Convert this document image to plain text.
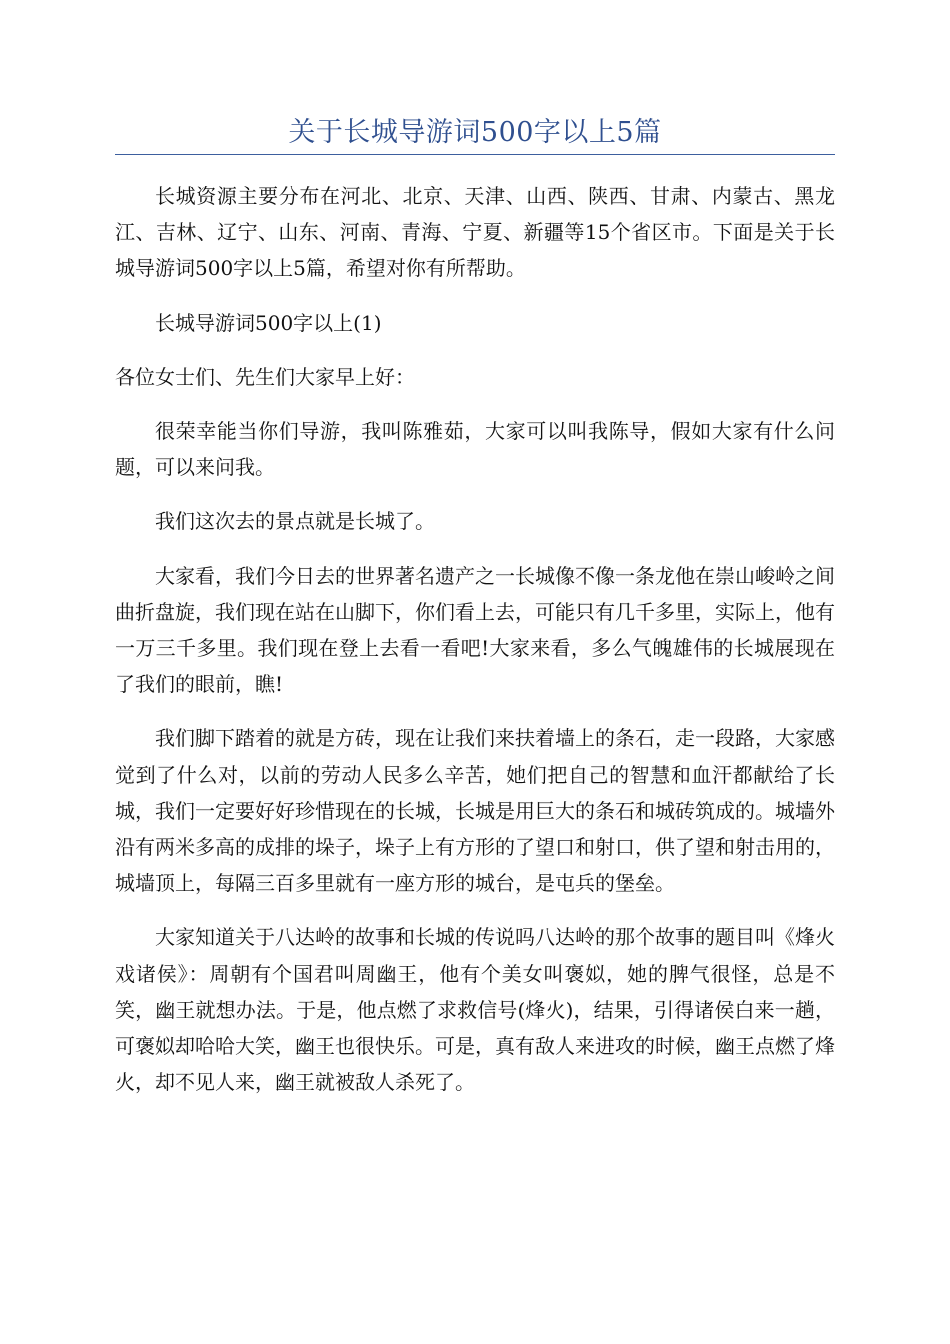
关于长城导游词500字以上5篇

长城资源主要分布在河北、北京、天津、山西、陕西、甘肃、内蒙古、黑龙江、吉林、辽宁、山东、河南、青海、宁夏、新疆等15个省区市。下面是关于长城导游词500字以上5篇，希望对你有所帮助。

长城导游词500字以上(1)

各位女士们、先生们大家早上好：

很荣幸能当你们导游，我叫陈雅茹，大家可以叫我陈导，假如大家有什么问题，可以来问我。

我们这次去的景点就是长城了。

大家看，我们今日去的世界著名遗产之一长城像不像一条龙他在崇山峻岭之间曲折盘旋，我们现在站在山脚下，你们看上去，可能只有几千多里，实际上，他有一万三千多里。我们现在登上去看一看吧!大家来看，多么气魄雄伟的长城展现在了我们的眼前，瞧!

我们脚下踏着的就是方砖，现在让我们来扶着墙上的条石，走一段路，大家感觉到了什么对，以前的劳动人民多么辛苦，她们把自己的智慧和血汗都献给了长城，我们一定要好好珍惜现在的长城，长城是用巨大的条石和城砖筑成的。城墙外沿有两米多高的成排的垛子，垛子上有方形的了望口和射口，供了望和射击用的，城墙顶上，每隔三百多里就有一座方形的城台，是屯兵的堡垒。

大家知道关于八达岭的故事和长城的传说吗八达岭的那个故事的题目叫《烽火戏诸侯》：周朝有个国君叫周幽王，他有个美女叫褒姒，她的脾气很怪，总是不笑，幽王就想办法。于是，他点燃了求救信号(烽火)，结果，引得诸侯白来一趟，可褒姒却哈哈大笑，幽王也很快乐。可是，真有敌人来进攻的时候，幽王点燃了烽火，却不见人来，幽王就被敌人杀死了。
